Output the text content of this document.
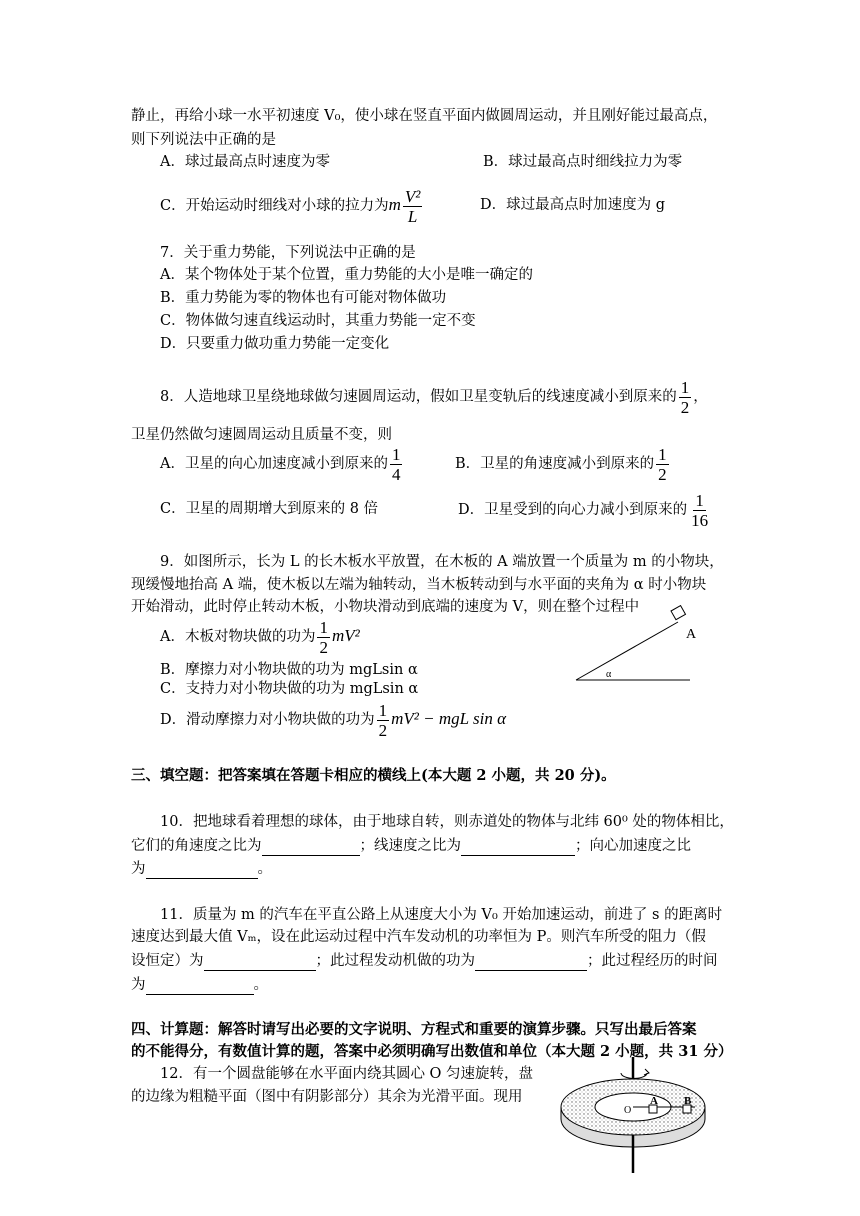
静止，再给小球一水平初速度 V₀，使小球在竖直平面内做圆周运动，并且刚好能过最高点，
则下列说法中正确的是
A．球过最高点时速度为零	B．球过最高点时细线拉力为零
C．开始运动时细线对小球的拉力为m $\frac{\text{V²}}{L}$	D．球过最高点时加速度为 g
7．关于重力势能，下列说法中正确的是
A．某个物体处于某个位置，重力势能的大小是唯一确定的
B．重力势能为零的物体也有可能对物体做功
C．物体做匀速直线运动时，其重力势能一定不变
D．只要重力做功重力势能一定变化
8．人造地球卫星绕地球做匀速圆周运动，假如卫星变轨后的线速度减小到原来的 $\frac{1}{2}$ ，
卫星仍然做匀速圆周运动且质量不变，则
A．卫星的向心加速度减小到原来的 $\frac{1}{4}$	B．卫星的角速度减小到原来的 $\frac{1}{2}$
C．卫星的周期增大到原来的 8 倍	D．卫星受到的向心力减小到原来的 $\frac{1}{16}$
9．如图所示，长为 L 的长木板水平放置，在木板的 A 端放置一个质量为 m 的小物块，
现缓慢地抬高 A 端，使木板以左端为轴转动，当木板转动到与水平面的夹角为 α 时小物块
开始滑动，此时停止转动木板，小物块滑动到底端的速度为 V，则在整个过程中
A．木板对物块做的功为 $\frac{1}{2} mV^2$
B．摩擦力对小物块做的功为 mgLsin α
C．支持力对小物块做的功为 mgLsin α
D．滑动摩擦力对小物块做的功为 $\frac{1}{2} mV^2$ − mgL sin α
A
α
三、填空题：把答案填在答题卡相应的横线上(本大题 2 小题，共 20 分)。
10．把地球看着理想的球体，由于地球自转，则赤道处的物体与北纬 60⁰ 处的物体相比，
它们的角速度之比为	；线速度之比为	；向心加速度之比
为	。
11．质量为 m 的汽车在平直公路上从速度大小为 V₀ 开始加速运动，前进了 s 的距离时
速度达到最大值 Vₘ，设在此运动过程中汽车发动机的功率恒为 P。则汽车所受的阻力（假
设恒定）为	；此过程发动机做的功为	；此过程经历的时间
为	。
四、计算题：解答时请写出必要的文字说明、方程式和重要的演算步骤。只写出最后答案
的不能得分，有数值计算的题，答案中必须明确写出数值和单位（本大题 2 小题，共 31 分）
12．有一个圆盘能够在水平面内绕其圆心 O 匀速旋转，盘
的边缘为粗糙平面（图中有阴影部分）其余为光滑平面。现用
O
A B
